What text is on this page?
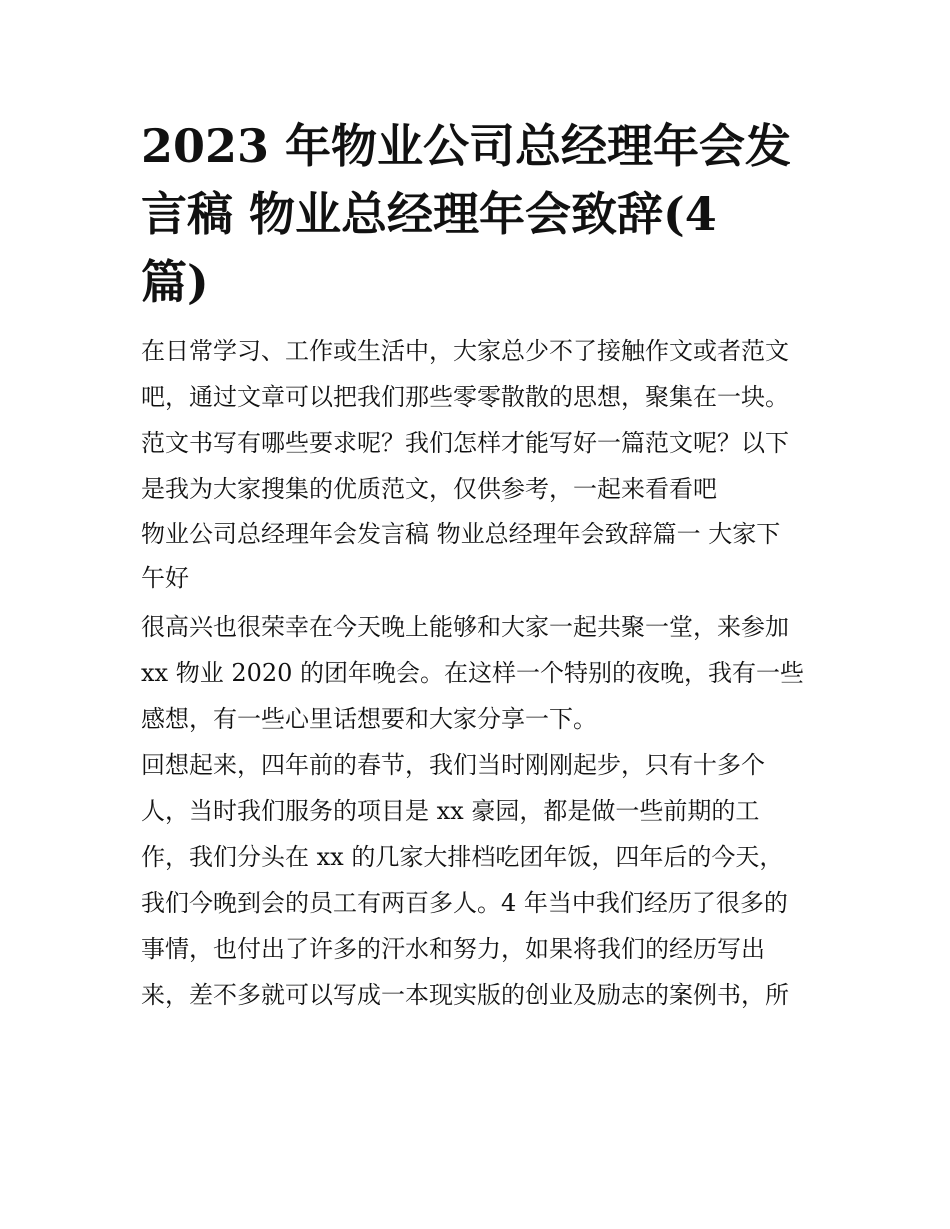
2023 年物业公司总经理年会发
言稿 物业总经理年会致辞(4
篇)

在日常学习、工作或生活中，大家总少不了接触作文或者范文
吧，通过文章可以把我们那些零零散散的思想，聚集在一块。
范文书写有哪些要求呢？我们怎样才能写好一篇范文呢？以下
是我为大家搜集的优质范文，仅供参考，一起来看看吧

物业公司总经理年会发言稿 物业总经理年会致辞篇一 大家下
午好

很高兴也很荣幸在今天晚上能够和大家一起共聚一堂，来参加
xx 物业 2020 的团年晚会。在这样一个特别的夜晚，我有一些
感想，有一些心里话想要和大家分享一下。

回想起来，四年前的春节，我们当时刚刚起步，只有十多个
人，当时我们服务的项目是 xx 豪园，都是做一些前期的工
作，我们分头在 xx 的几家大排档吃团年饭，四年后的今天，
我们今晚到会的员工有两百多人。4 年当中我们经历了很多的
事情，也付出了许多的汗水和努力，如果将我们的经历写出
来，差不多就可以写成一本现实版的创业及励志的案例书，所
